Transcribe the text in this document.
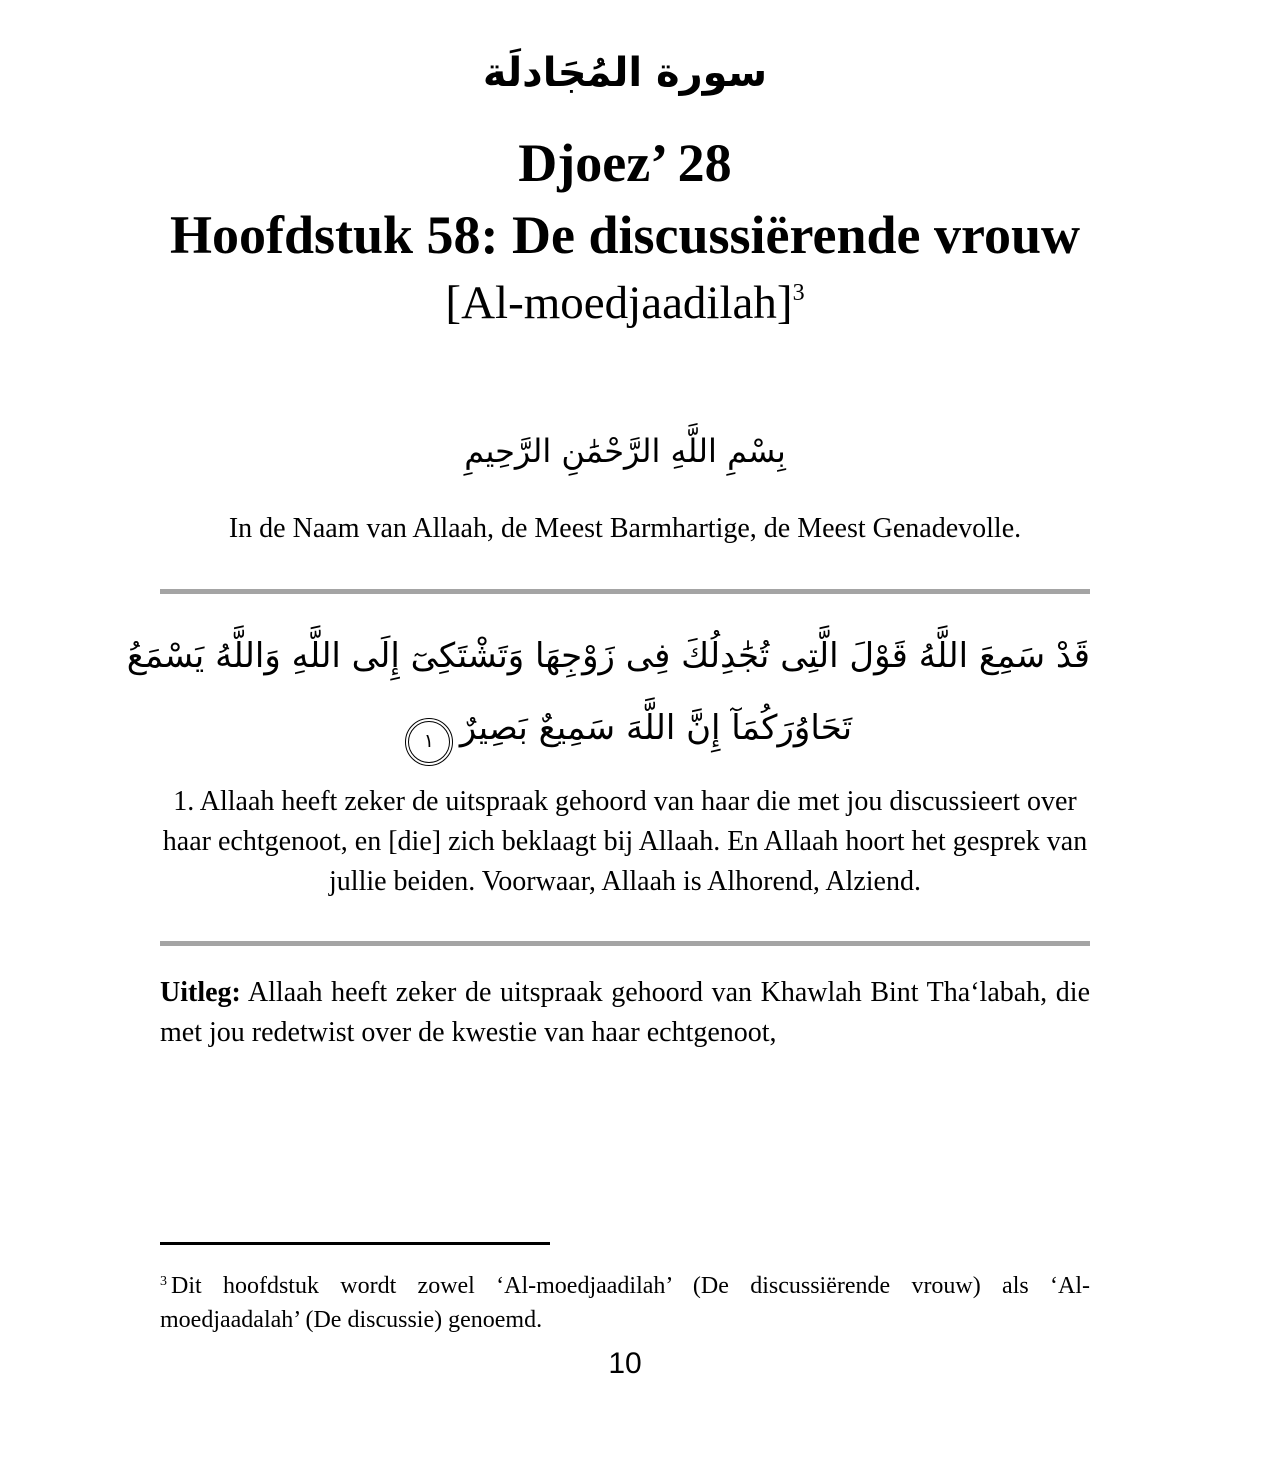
سورة المُجَادلَة
Djoez’ 28
Hoofdstuk 58: De discussiërende vrouw
[Al-moedjaadilah]$^3$
بِسْمِ اللَّهِ الرَّحْمَٰنِ الرَّحِيمِ
In de Naam van Allaah, de Meest Barmhartige, de Meest Genadevolle.
قَدْ سَمِعَ اللَّهُ قَوْلَ الَّتِى تُجَٰدِلُكَ فِى زَوْجِهَا وَتَشْتَكِىٓ إِلَى اللَّهِ وَاللَّهُ يَسْمَعُ
تَحَاوُرَكُمَآ إِنَّ اللَّهَ سَمِيعٌ بَصِيرٌ
١
1. Allaah heeft zeker de uitspraak gehoord van haar die met jou discussieert over haar echtgenoot, en [die] zich beklaagt bij Allaah. En Allaah hoort het gesprek van jullie beiden. Voorwaar, Allaah is Alhorend, Alziend.

Uitleg: Allaah heeft zeker de uitspraak gehoord van Khawlah Bint Tha‘labah, die met jou redetwist over de kwestie van haar echtgenoot,

$^3$ Dit hoofdstuk wordt zowel ‘Al-moedjaadilah’ (De discussiërende vrouw) als ‘Al-moedjaadalah’ (De discussie) genoemd.

10
